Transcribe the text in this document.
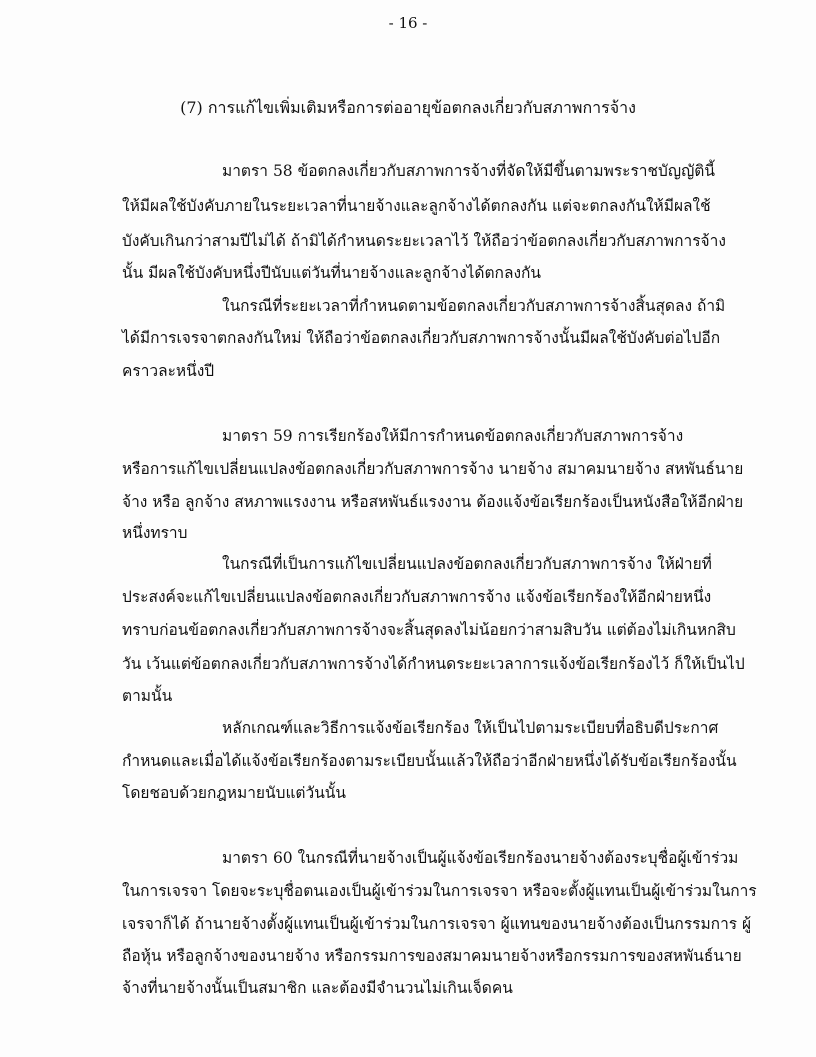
- 16 -
(7) การแก้ไขเพิ่มเติมหรือการต่ออายุข้อตกลงเกี่ยวกับสภาพการจ้าง
มาตรา 58 ข้อตกลงเกี่ยวกับสภาพการจ้างที่จัดให้มีขึ้นตามพระราชบัญญัตินี้
ให้มีผลใช้บังคับภายในระยะเวลาที่นายจ้างและลูกจ้างได้ตกลงกัน แต่จะตกลงกันให้มีผลใช้
บังคับเกินกว่าสามปีไม่ได้ ถ้ามิได้กำหนดระยะเวลาไว้ ให้ถือว่าข้อตกลงเกี่ยวกับสภาพการจ้าง
นั้น มีผลใช้บังคับหนึ่งปีนับแต่วันที่นายจ้างและลูกจ้างได้ตกลงกัน
ในกรณีที่ระยะเวลาที่กำหนดตามข้อตกลงเกี่ยวกับสภาพการจ้างสิ้นสุดลง ถ้ามิ
ได้มีการเจรจาตกลงกันใหม่ ให้ถือว่าข้อตกลงเกี่ยวกับสภาพการจ้างนั้นมีผลใช้บังคับต่อไปอีก
คราวละหนึ่งปี
มาตรา 59 การเรียกร้องให้มีการกำหนดข้อตกลงเกี่ยวกับสภาพการจ้าง
หรือการแก้ไขเปลี่ยนแปลงข้อตกลงเกี่ยวกับสภาพการจ้าง นายจ้าง สมาคมนายจ้าง สหพันธ์นาย
จ้าง หรือ ลูกจ้าง สหภาพแรงงาน หรือสหพันธ์แรงงาน ต้องแจ้งข้อเรียกร้องเป็นหนังสือให้อีกฝ่าย
หนึ่งทราบ
ในกรณีที่เป็นการแก้ไขเปลี่ยนแปลงข้อตกลงเกี่ยวกับสภาพการจ้าง ให้ฝ่ายที่
ประสงค์จะแก้ไขเปลี่ยนแปลงข้อตกลงเกี่ยวกับสภาพการจ้าง แจ้งข้อเรียกร้องให้อีกฝ่ายหนึ่ง
ทราบก่อนข้อตกลงเกี่ยวกับสภาพการจ้างจะสิ้นสุดลงไม่น้อยกว่าสามสิบวัน แต่ต้องไม่เกินหกสิบ
วัน เว้นแต่ข้อตกลงเกี่ยวกับสภาพการจ้างได้กำหนดระยะเวลาการแจ้งข้อเรียกร้องไว้ ก็ให้เป็นไป
ตามนั้น
หลักเกณฑ์และวิธีการแจ้งข้อเรียกร้อง ให้เป็นไปตามระเบียบที่อธิบดีประกาศ
กำหนดและเมื่อได้แจ้งข้อเรียกร้องตามระเบียบนั้นแล้วให้ถือว่าอีกฝ่ายหนึ่งได้รับข้อเรียกร้องนั้น
โดยชอบด้วยกฎหมายนับแต่วันนั้น
มาตรา 60 ในกรณีที่นายจ้างเป็นผู้แจ้งข้อเรียกร้องนายจ้างต้องระบุชื่อผู้เข้าร่วม
ในการเจรจา โดยจะระบุชื่อตนเองเป็นผู้เข้าร่วมในการเจรจา หรือจะตั้งผู้แทนเป็นผู้เข้าร่วมในการ
เจรจาก็ได้ ถ้านายจ้างตั้งผู้แทนเป็นผู้เข้าร่วมในการเจรจา ผู้แทนของนายจ้างต้องเป็นกรรมการ ผู้
ถือหุ้น หรือลูกจ้างของนายจ้าง หรือกรรมการของสมาคมนายจ้างหรือกรรมการของสหพันธ์นาย
จ้างที่นายจ้างนั้นเป็นสมาชิก และต้องมีจำนวนไม่เกินเจ็ดคน
